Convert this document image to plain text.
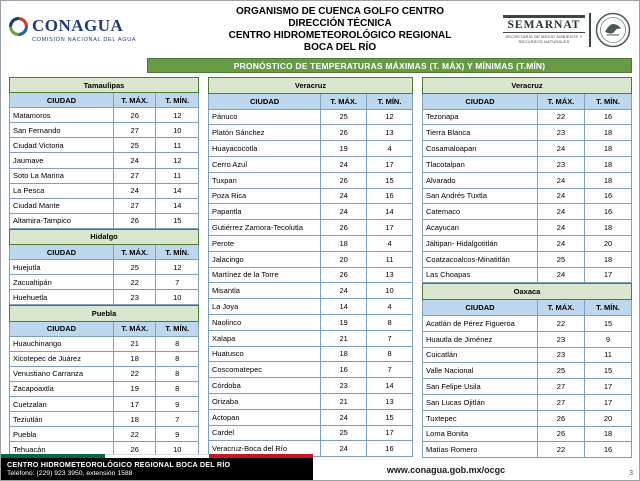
CONAGUA
COMISIÓN NACIONAL DEL AGUA
ORGANISMO DE CUENCA GOLFO CENTRO
DIRECCIÓN TÉCNICA
CENTRO HIDROMETEOROLÓGICO REGIONAL
BOCA DEL RÍO
SEMARNAT
SECRETARÍA DE MEDIO AMBIENTE Y RECURSOS NATURALES
PRONÓSTICO DE TEMPERATURAS MÁXIMAS (T. MÁX) Y MÍNIMAS (T.MÍN)
Tamaulipas		
CIUDAD	T. MÁX.	T. MÍN.
Matamoros	26	12
San Fernando	27	10
Ciudad Victoria	25	11
Jaumave	24	12
Soto La Marina	27	11
La Pesca	24	14
Ciudad Mante	27	14
Altamira-Tampico	26	15
Hidalgo		
CIUDAD	T. MÁX.	T. MÍN.
Huejutla	25	12
Zacualtipán	22	7
Huehuetla	23	10
Puebla		
CIUDAD	T. MÁX.	T. MÍN.
Huauchinango	21	8
Xicotepec de Juárez	18	8
Venustiano Carranza	22	8
Zacapoaxtla	19	8
Cuetzalan	17	9
Teziutlán	18	7
Puebla	22	9
Tehuacán	26	10
Veracruz		
CIUDAD	T. MÁX.	T. MÍN.
Pánuco	25	12
Platón Sánchez	26	13
Huayacocotla	19	4
Cerro Azul	24	17
Tuxpan	26	15
Poza Rica	24	16
Papantla	24	14
Gutiérrez Zamora-Tecolutla	26	17
Perote	18	4
Jalacingo	20	11
Martínez de la Torre	26	13
Misantla	24	10
La Joya	14	4
Naolinco	19	8
Xalapa	21	7
Huatusco	18	8
Coscomatepec	16	7
Córdoba	23	14
Orizaba	21	13
Actopan	24	15
Cardel	25	17
Veracruz-Boca del Río	24	16
Veracruz		
CIUDAD	T. MÁX.	T. MÍN.
Tezonapa	22	16
Tierra Blanca	23	18
Cosamaloapan	24	18
Tlacotalpan	23	18
Alvarado	24	18
San Andrés Tuxtla	24	16
Catemaco	24	16
Acayucan	24	18
Jáltipan- Hidalgotitlán	24	20
Coatzacoalcos-Minatitlán	25	18
Las Choapas	24	17
Oaxaca		
CIUDAD	T. MÁX.	T. MÍN.
Acatlán de Pérez Figueroa	22	15
Huautla de Jiménez	23	9
Cuicatlán	23	11
Valle Nacional	25	15
San Felipe Usila	27	17
San Lucas Ojitlán	27	17
Tuxtepec	26	20
Loma Bonita	26	18
Matías Romero	22	16
CENTRO HIDROMETEOROLÓGICO REGIONAL BOCA DEL RÍO
Teléfono: (229) 923 3950, extensión 1588	www.conagua.gob.mx/ocgc	3
